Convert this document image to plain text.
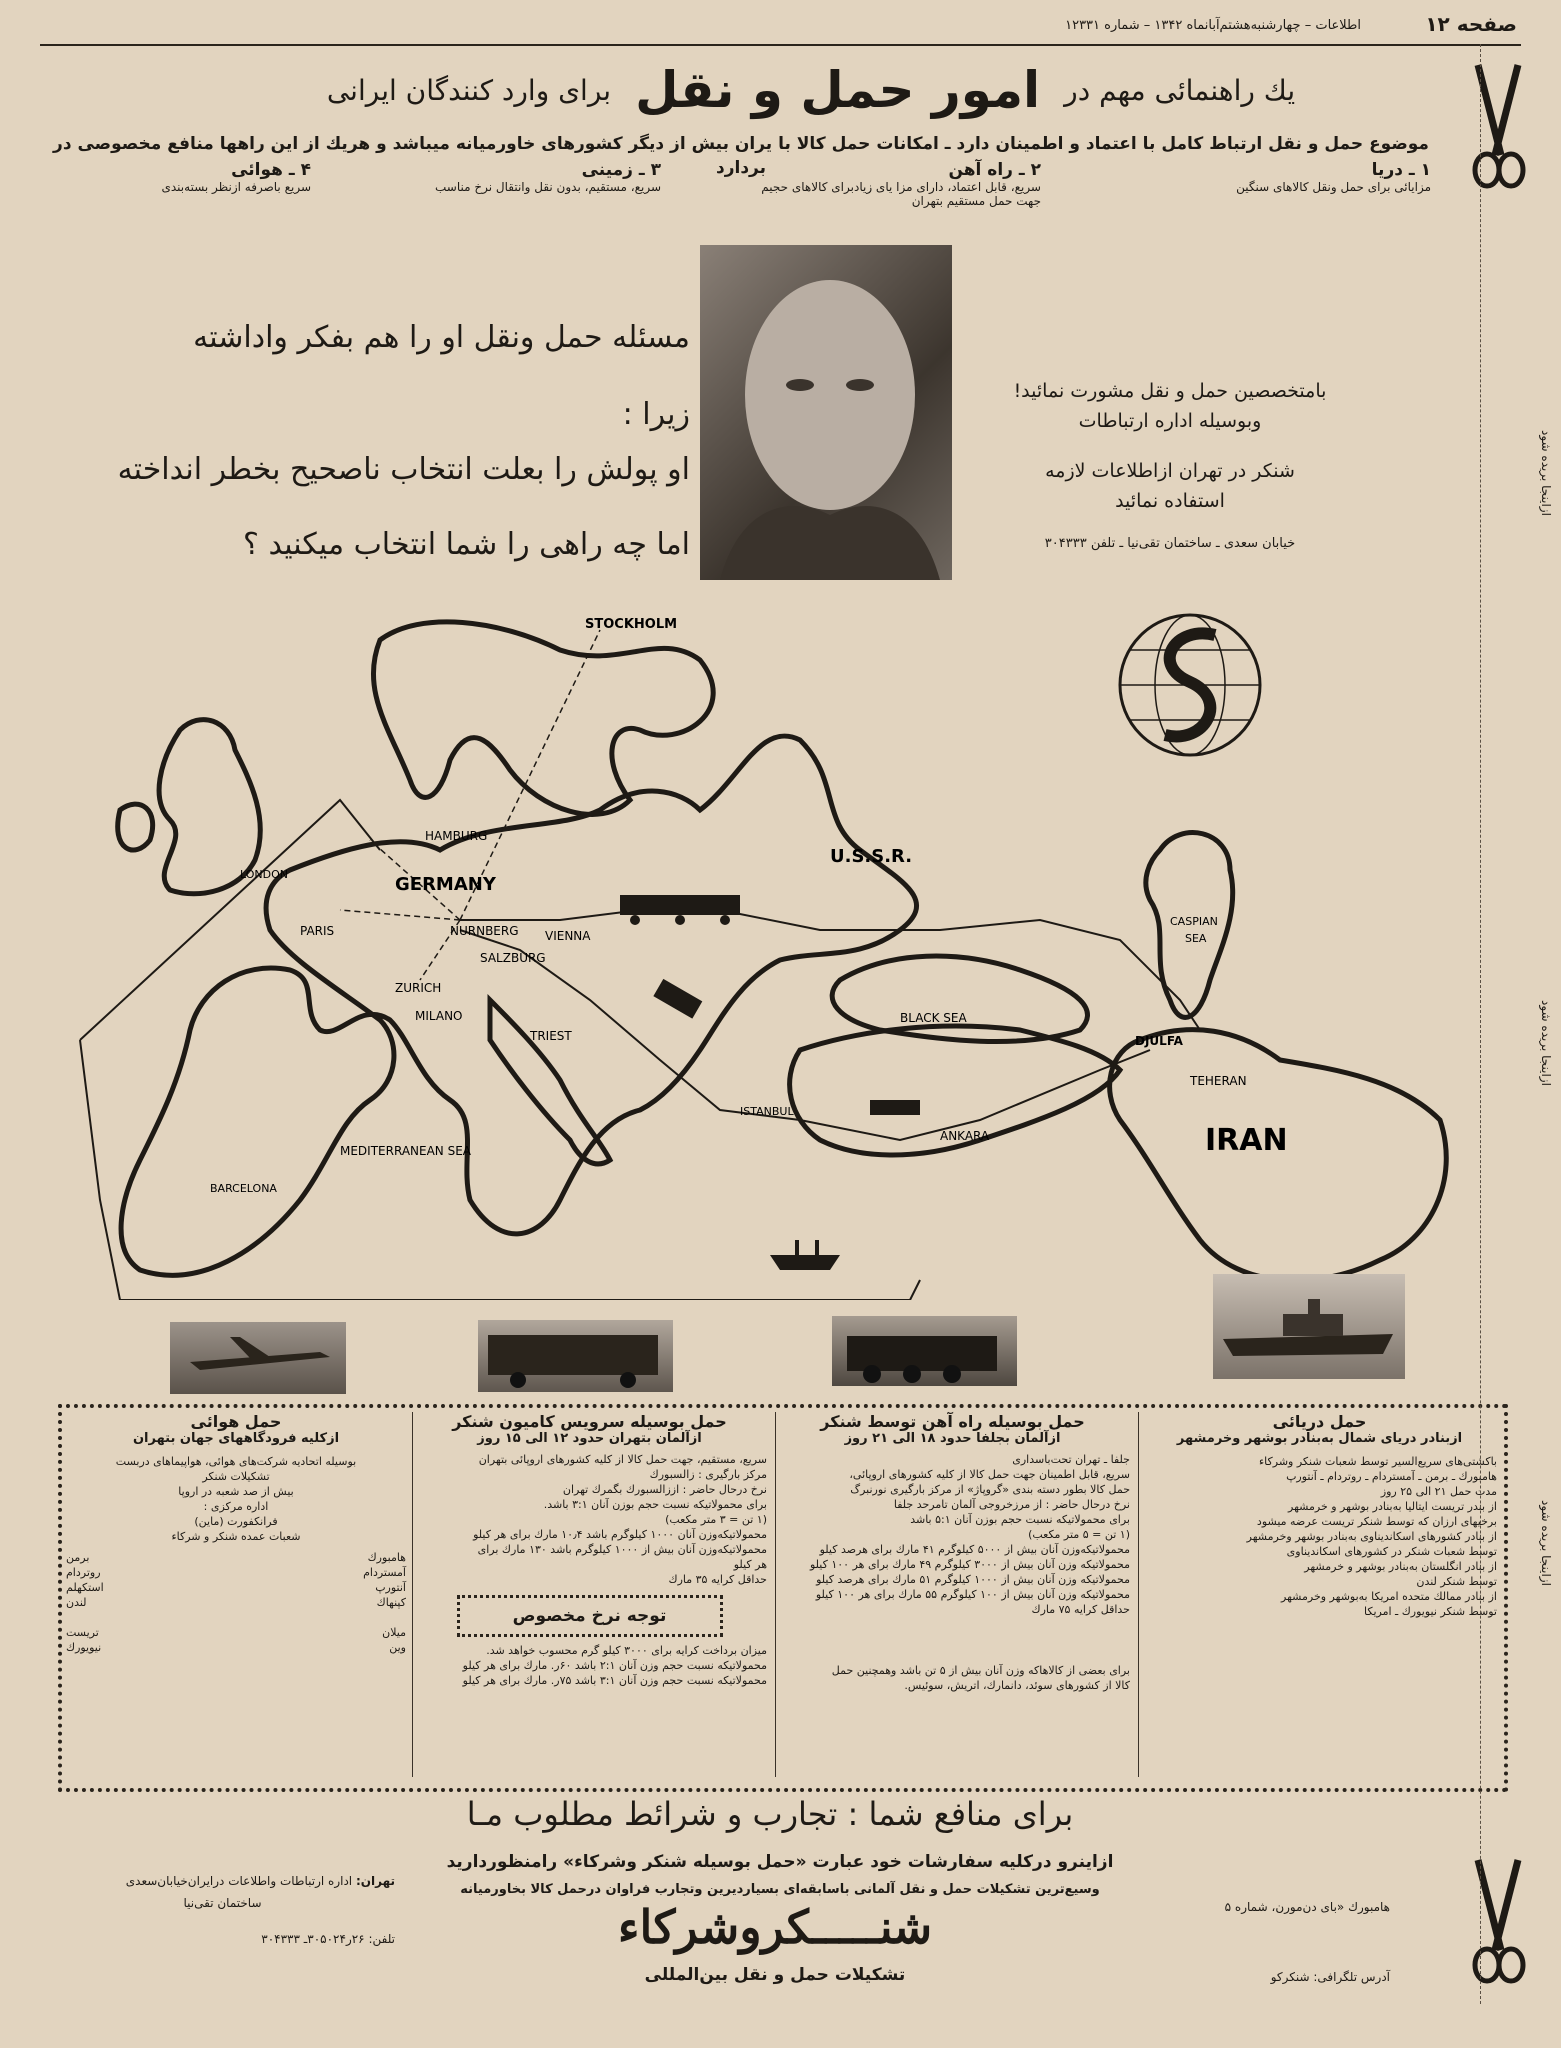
صفحه ۱۲
اطلاعات – چهارشنبه‌هشتم‌آبانماه ۱۳۴۲ – شماره ۱۲۳۳۱
يك راهنمائی مهم در
امور حمل و نقل
برای وارد کنندگان ایرانی
موضوع حمل و نقل ارتباط کامل با اعتماد و اطمینان دارد ـ امکانات حمل کالا با یران بیش از دیگر کشورهای خاورمیانه میباشد و هریك از این راهها منافع مخصوصی در بردارد	۱ ـ دریا
مزایائی برای حمل ونقل کالاهای سنگین
۲ ـ راه آهن
سریع، قابل اعتماد، دارای مزا یای زیادبرای کالاهای حجیم جهت حمل مستقیم بتهران
۳ ـ زمینی
سریع، مستقیم، بدون نقل وانتقال نرخ مناسب
۴ ـ هوائی
سریع باصرفه ازنظر بسته‌بندی
مسئله حمل ونقل او را هم بفکر واداشته
زیرا :
او پولش را بعلت انتخاب ناصحیح بخطر انداخته
اما چه راهی را شما انتخاب میکنید ؟
بامتخصصین حمل و نقل مشورت نمائید!
وبوسیله اداره ارتباطات
شنکر در تهران ازاطلاعات لازمه
استفاده نمائید
خیابان سعدی ـ ساختمان تقی‌نیا ـ تلفن ۳۰۴۳۳۳
ازاینجا بریده شود
ازاینجا بریده شود
ازاینجا بریده شود
STOCKHOLM
HAMBURG
LONDON	GERMANY
NURNBERG
PARIS	VIENNA
SALZBURG
ZURICH
MILANO
TRIEST
U.S.S.R.
CASPIAN
SEA
BLACK SEA
DJULFA
TEHERAN
IRAN
ISTANBUL
ANKARA
MEDITERRANEAN SEA
BARCELONA
حمل دریائی
ازبنادر دریای شمال به‌بنادر بوشهر وخرمشهر
باکشتی‌های سریع‌السیر توسط شعبات شنکر وشرکاء
هامبورك ـ برمن ـ آمستردام ـ روتردام ـ آنتورپ
مدت حمل ۲۱ الی ۲۵ روز
از بندر تریست ایتالیا به‌بنادر بوشهر و خرمشهر
برخیهای ارزان که توسط شنکر تریست عرضه میشود
از بنادر کشورهای اسکاندیناوی به‌بنادر بوشهر وخرمشهر
توسط شعبات شنکر در کشورهای اسکاندیناوی
از بنادر انگلستان به‌بنادر بوشهر و خرمشهر
توسط شنکر لندن
از بنادر ممالك متحده امریکا به‌بوشهر وخرمشهر
توسط شنکر نیویورك ـ امریکا
حمل بوسیله راه آهن توسط شنکر
ازآلمان بجلفا حدود ۱۸ الی ۲۱ روز
جلفا ـ تهران تحت‌باسداری
سریع، قابل اطمینان جهت حمل کالا از کلیه کشورهای اروپائی،
حمل کالا بطور دسته بندی «گروپاژ» از مرکز بارگیری نورنبرگ
نرخ درحال حاضر : از مرزخروجی آلمان تامرحد جلفا
برای محمولاتیکه نسبت حجم بوزن آنان ۵:۱ باشد
(۱ تن = ۵ متر مکعب)
محمولاتیکه‌وزن آنان بیش از ۵۰۰۰ کیلوگرم ۴۱ مارك برای هرصد کیلو
محمولاتیکه وزن آنان بیش از ۳۰۰۰ کیلوگرم ۴۹ مارك برای هر ۱۰۰ کیلو
محمولاتیکه وزن آنان بیش از ۱۰۰۰ کیلوگرم ۵۱ مارك برای هرصد کیلو
محمولاتیکه وزن آنان بیش از ۱۰۰ کیلوگرم ۵۵ مارك برای هر ۱۰۰ کیلو
حداقل کرایه ۷۵ مارك
برای بعضی از کالاهاکه وزن آنان بیش از ۵ تن باشد وهمچنین حمل
کالا از کشورهای سوئد، دانمارك، اتریش، سوئیس.
حمل بوسیله سرویس کامیون شنکر
ازآلمان بتهران حدود ۱۲ الی ۱۵ روز
سریع، مستقیم، جهت حمل کالا از کلیه کشورهای اروپائی بتهران
مرکز بارگیری : زالسبورك
نرخ درحال حاضر : اززالسبورك بگمرك تهران
برای محمولاتیکه نسبت حجم بوزن آنان ۳:۱ باشد.
(۱ تن = ۳ متر مکعب)
محمولاتیکه‌وزن آنان ۱۰۰۰ کیلوگرم باشد ۱۰٫۴ مارك برای هر کیلو
محمولاتیکه‌وزن آنان بیش از ۱۰۰۰ کیلوگرم باشد ۱۳۰ مارك برای
هر کیلو
حداقل کرایه ۳۵ مارك
توجه نرخ مخصوص
میزان برداخت کرایه برای ۳۰۰۰ کیلو گرم محسوب خواهد شد.
محمولاتیکه نسبت حجم وزن آنان ۲:۱ باشد ۶۰ر. مارك برای هر کیلو
محمولاتیکه نسبت حجم وزن آنان ۳:۱ باشد ۷۵ر. مارك برای هر کیلو
حمل هوائی
ازکلیه فرودگاههای جهان بتهران
بوسیله اتحادیه شرکت‌های هوائی، هواپیماهای دربست
تشکیلات شنکر
بیش از صد شعبه در اروپا
اداره مرکزی :
فرانکفورت (ماین)
شعبات عمده شنکر و شرکاء
برمن
روتردام
استکهلم
لندن

تریست
نیویورك
هامبورك
آمستردام
آنتورپ
کپنهاك

میلان
وین
برای منافع شما : تجارب و شرائط مطلوب مـا
ازاینرو درکلیه سفارشات خود عبارت «حمل بوسیله شنکر وشرکاء» رامنظورداريد
وسیع‌ترین تشکیلات حمل و نقل آلمانی باسابقه‌ای بسیاردیرین وتجارب فراوان درحمل کالا بخاورمیانه
شنـــــکروشرکاء
تشکیلات حمل و نقل بین‌المللی
تهران: اداره ارتباطات واطلاعات درایران‌خیابان‌سعدی
ساختمان تقی‌نیا
تلفن: ۲۶ر۳۰۵۰۲۴ـ ۳۰۴۳۳۳
هامبورك «بای دن‌مورن، شماره ۵
آدرس تلگرافی: شنکرکو
